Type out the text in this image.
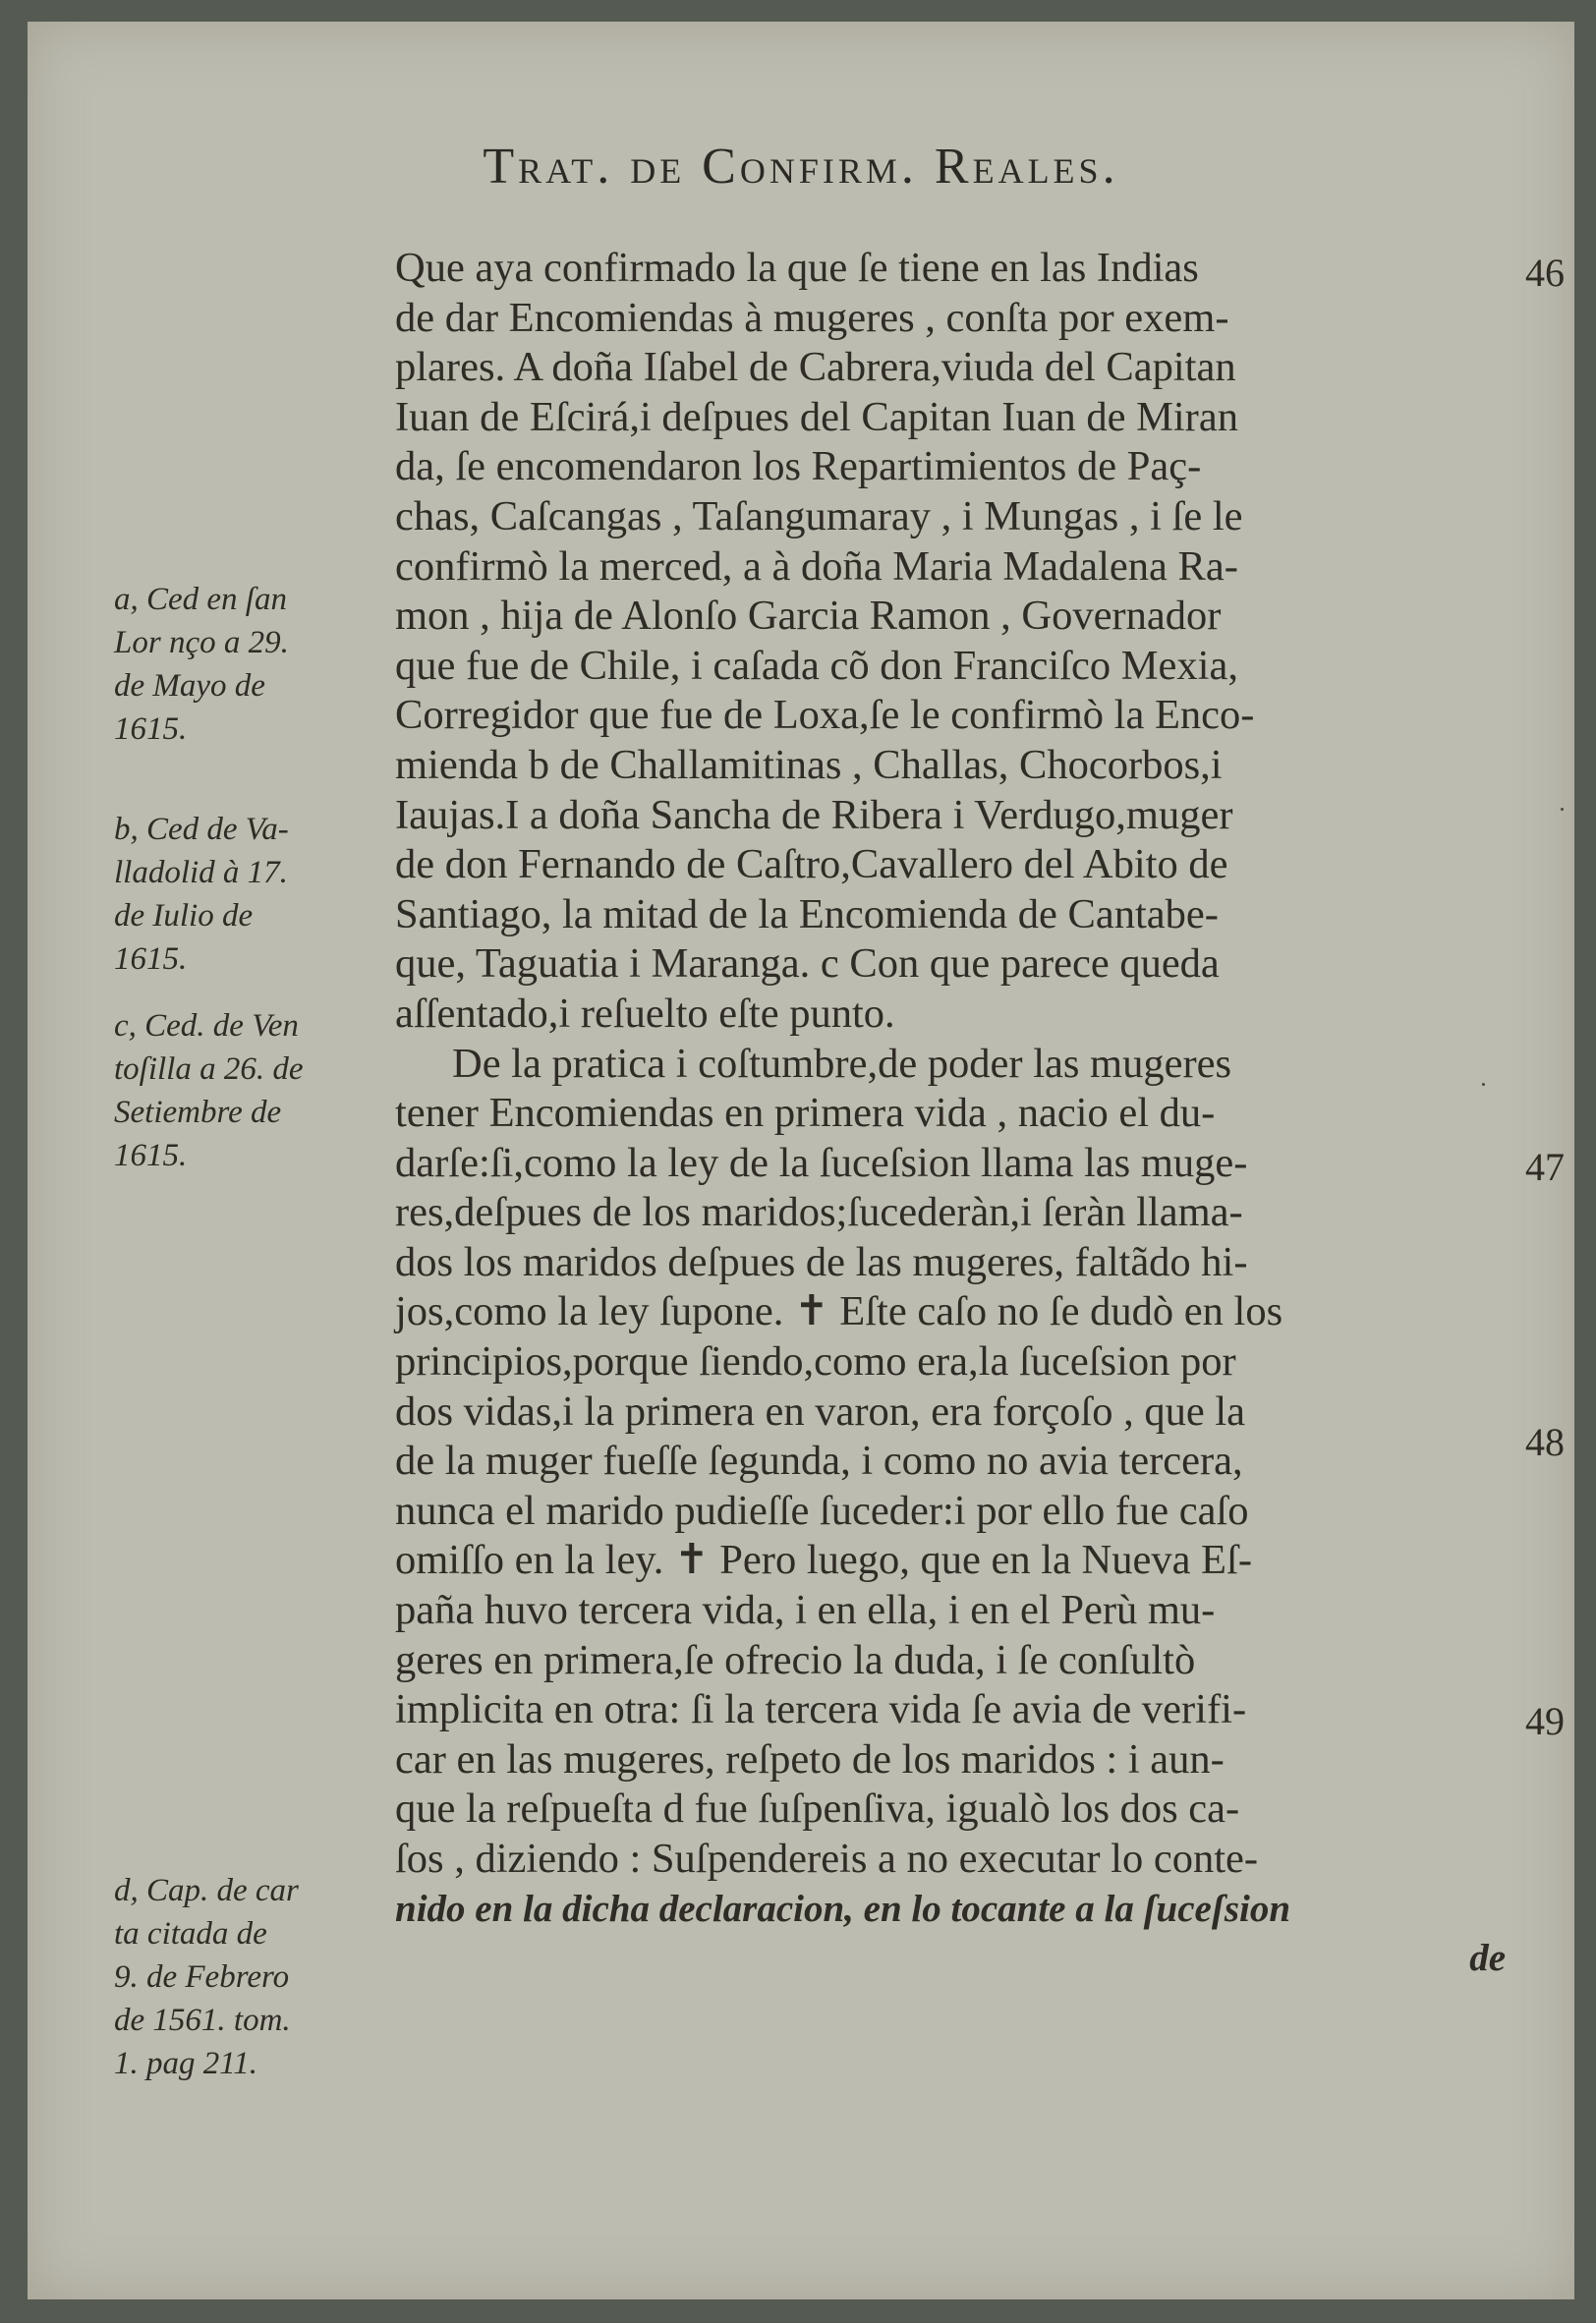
Trat. de Confirm. Reales.
Que aya confirmado la que ſe tiene en las Indias
de dar Encomiendas à mugeres , conſta por exem-
plares. A doña Iſabel de Cabrera,viuda del Capitan
Iuan de Eſcirá,i deſpues del Capitan Iuan de Miran
da, ſe encomendaron los Repartimientos de Paç-
chas, Caſcangas , Taſangumaray , i Mungas , i ſe le
confirmò la merced, a à doña Maria Madalena Ra-
mon , hija de Alonſo Garcia Ramon , Governador
que fue de Chile, i caſada cõ don Franciſco Mexia,
Corregidor que fue de Loxa,ſe le confirmò la Enco-
mienda b de Challamitinas , Challas, Chocorbos,i
Iaujas.I a doña Sancha de Ribera i Verdugo,muger
de don Fernando de Caſtro,Cavallero del Abito de
Santiago, la mitad de la Encomienda de Cantabe-
que, Taguatia i Maranga. c Con que parece queda
aſſentado,i reſuelto eſte punto.
De la pratica i coſtumbre,de poder las mugeres
tener Encomiendas en primera vida , nacio el du-
darſe:ſi,como la ley de la ſuceſsion llama las muge-
res,deſpues de los maridos;ſucederàn,i ſeràn llama-
dos los maridos deſpues de las mugeres, faltãdo hi-
jos,como la ley ſupone. ✝ Eſte caſo no ſe dudò en los
principios,porque ſiendo,como era,la ſuceſsion por
dos vidas,i la primera en varon, era forçoſo , que la
de la muger fueſſe ſegunda, i como no avia tercera,
nunca el marido pudieſſe ſuceder:i por ello fue caſo
omiſſo en la ley. ✝ Pero luego, que en la Nueva Eſ-
paña huvo tercera vida, i en ella, i en el Perù mu-
geres en primera,ſe ofrecio la duda, i ſe conſultò
implicita en otra: ſi la tercera vida ſe avia de verifi-
car en las mugeres, reſpeto de los maridos : i aun-
que la reſpueſta d fue ſuſpenſiva, igualò los dos ca-
ſos , diziendo : Suſpendereis a no executar lo conte-
nido en la dicha declaracion, en lo tocante a la ſuceſsion
de
a, Ced en ſan
Lor nço a 29.
de Mayo de
1615.
b, Ced de Va-
lladolid à 17.
de Iulio de
1615.
c, Ced. de Ven
toſilla a 26. de
Setiembre de
1615.
d, Cap. de car
ta citada de
9. de Febrero
de 1561. tom.
1. pag 211.
46
47
48
49
